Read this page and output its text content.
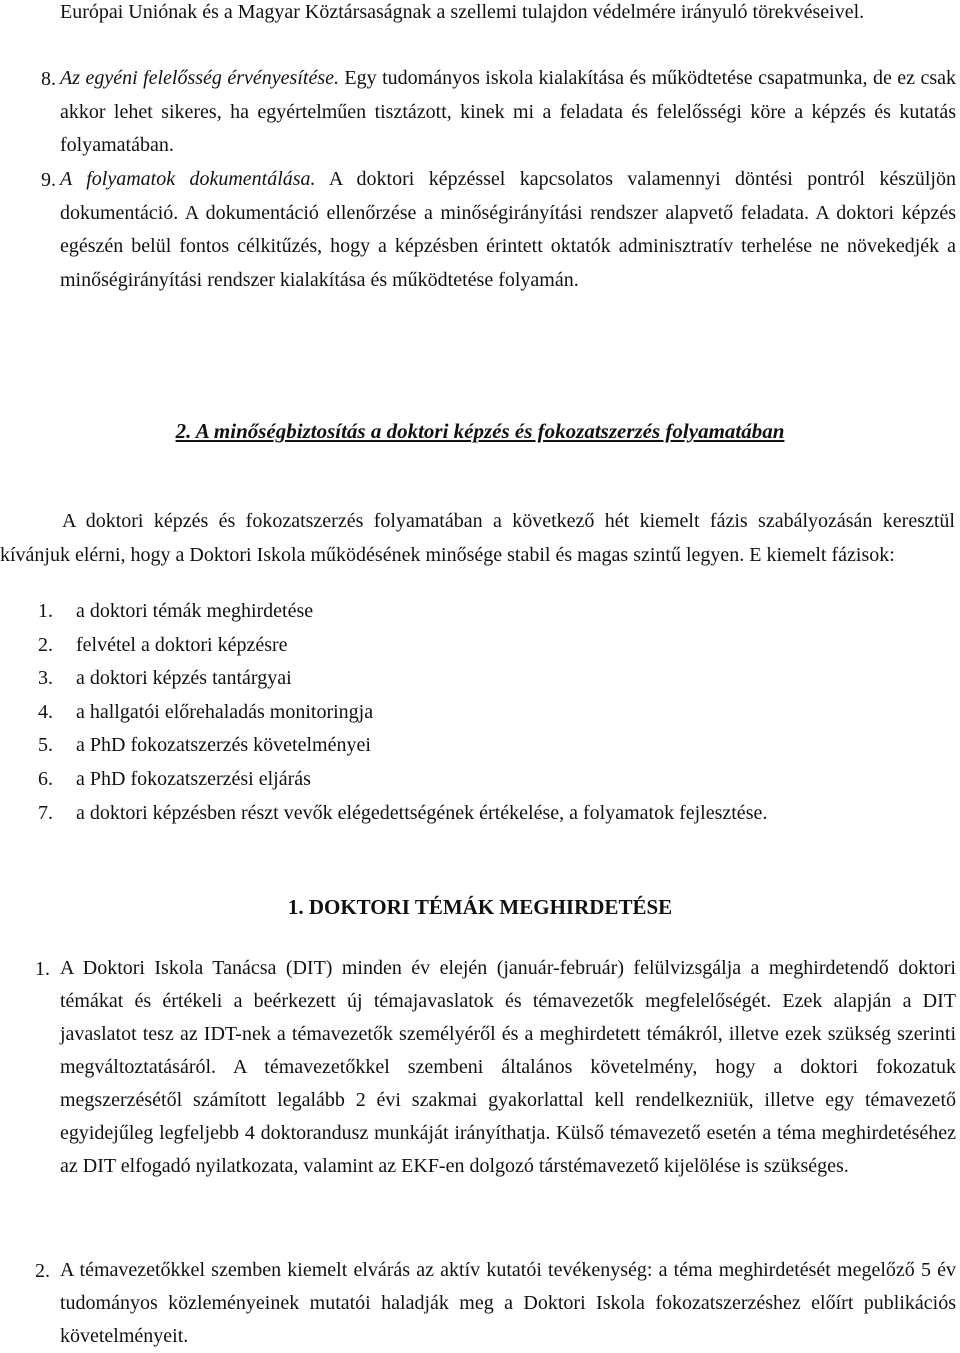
Európai Uniónak és a Magyar Köztársaságnak a szellemi tulajdon védelmére irányuló törekvéseivel.
8. Az egyéni felelősség érvényesítése. Egy tudományos iskola kialakítása és működtetése csapatmunka, de ez csak akkor lehet sikeres, ha egyértelműen tisztázott, kinek mi a feladata és felelősségi köre a képzés és kutatás folyamatában.
9. A folyamatok dokumentálása. A doktori képzéssel kapcsolatos valamennyi döntési pontról készüljön dokumentáció. A dokumentáció ellenőrzése a minőségirányítási rendszer alapvető feladata. A doktori képzés egészén belül fontos célkitűzés, hogy a képzésben érintett oktatók adminisztratív terhelése ne növekedjék a minőségirányítási rendszer kialakítása és működtetése folyamán.
2. A minőségbiztosítás a doktori képzés és fokozatszerzés folyamatában
A doktori képzés és fokozatszerzés folyamatában a következő hét kiemelt fázis szabályozásán keresztül kívánjuk elérni, hogy a Doktori Iskola működésének minősége stabil és magas szintű legyen. E kiemelt fázisok:
1. a doktori témák meghirdetése
2. felvétel a doktori képzésre
3. a doktori képzés tantárgyai
4. a hallgatói előrehaladás monitoringja
5. a PhD fokozatszerzés követelményei
6. a PhD fokozatszerzési eljárás
7. a doktori képzésben részt vevők elégedettségének értékelése, a folyamatok fejlesztése.
1. DOKTORI TÉMÁK MEGHIRDETÉSE
1. A Doktori Iskola Tanácsa (DIT) minden év elején (január-február) felülvizsgálja a meghirdetendő doktori témákat és értékeli a beérkezett új témajavaslatok és témavezetők megfelelőségét. Ezek alapján a DIT javaslatot tesz az IDT-nek a témavezetők személyéről és a meghirdetett témákról, illetve ezek szükség szerinti megváltoztatásáról. A témavezetőkkel szembeni általános követelmény, hogy a doktori fokozatuk megszerzésétől számított legalább 2 évi szakmai gyakorlattal kell rendelkezniük, illetve egy témavezető egyidejűleg legfeljebb 4 doktorandusz munkáját irányíthatja. Külső témavezető esetén a téma meghirdetéséhez az DIT elfogadó nyilatkozata, valamint az EKF-en dolgozó társtémavezető kijelölése is szükséges.
2. A témavezetőkkel szemben kiemelt elvárás az aktív kutatói tevékenység: a téma meghirdetését megelőző 5 év tudományos közleményeinek mutatói haladják meg a Doktori Iskola fokozatszerzéshez előírt publikációs követelményeit.
